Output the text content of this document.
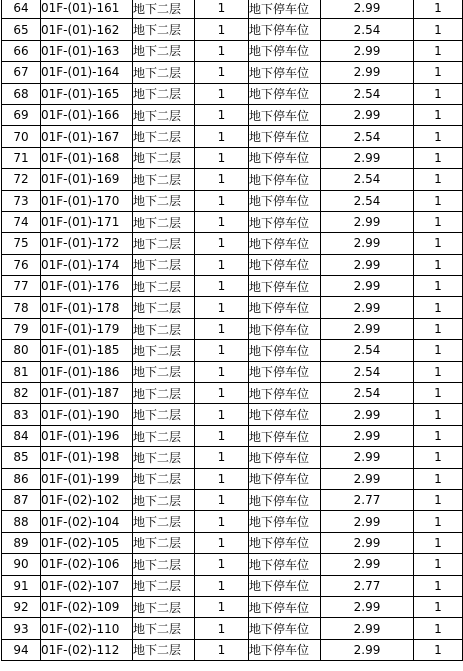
64	01F-(01)-161	地下二层	1	地下停车位	2.99	1
65	01F-(01)-162	地下二层	1	地下停车位	2.54	1
66	01F-(01)-163	地下二层	1	地下停车位	2.99	1
67	01F-(01)-164	地下二层	1	地下停车位	2.99	1
68	01F-(01)-165	地下二层	1	地下停车位	2.54	1
69	01F-(01)-166	地下二层	1	地下停车位	2.99	1
70	01F-(01)-167	地下二层	1	地下停车位	2.54	1
71	01F-(01)-168	地下二层	1	地下停车位	2.99	1
72	01F-(01)-169	地下二层	1	地下停车位	2.54	1
73	01F-(01)-170	地下二层	1	地下停车位	2.54	1
74	01F-(01)-171	地下二层	1	地下停车位	2.99	1
75	01F-(01)-172	地下二层	1	地下停车位	2.99	1
76	01F-(01)-174	地下二层	1	地下停车位	2.99	1
77	01F-(01)-176	地下二层	1	地下停车位	2.99	1
78	01F-(01)-178	地下二层	1	地下停车位	2.99	1
79	01F-(01)-179	地下二层	1	地下停车位	2.99	1
80	01F-(01)-185	地下二层	1	地下停车位	2.54	1
81	01F-(01)-186	地下二层	1	地下停车位	2.54	1
82	01F-(01)-187	地下二层	1	地下停车位	2.54	1
83	01F-(01)-190	地下二层	1	地下停车位	2.99	1
84	01F-(01)-196	地下二层	1	地下停车位	2.99	1
85	01F-(01)-198	地下二层	1	地下停车位	2.99	1
86	01F-(01)-199	地下二层	1	地下停车位	2.99	1
87	01F-(02)-102	地下二层	1	地下停车位	2.77	1
88	01F-(02)-104	地下二层	1	地下停车位	2.99	1
89	01F-(02)-105	地下二层	1	地下停车位	2.99	1
90	01F-(02)-106	地下二层	1	地下停车位	2.99	1
91	01F-(02)-107	地下二层	1	地下停车位	2.77	1
92	01F-(02)-109	地下二层	1	地下停车位	2.99	1
93	01F-(02)-110	地下二层	1	地下停车位	2.99	1
94	01F-(02)-112	地下二层	1	地下停车位	2.99	1
